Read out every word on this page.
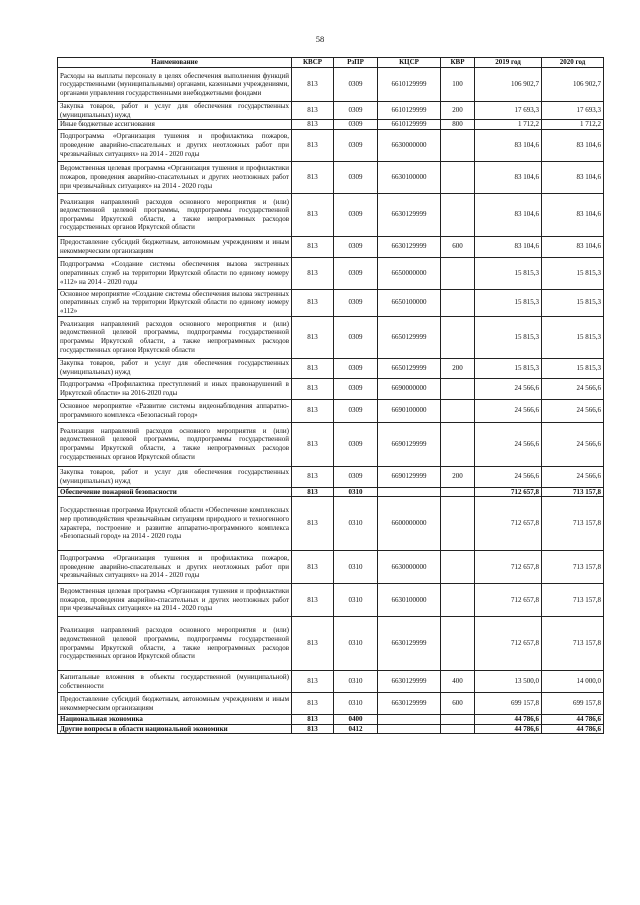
58
Наименование	КВСР	РзПР	КЦСР	КВР	2019 год	2020 год
Расходы на выплаты персоналу в целях обеспечения выполнения функций государственными (муниципальными) органами, казенными учреждениями, органами управления государственными внебюджетными фондами	813	0309	6610129999	100	106 902,7	106 902,7
Закупка товаров, работ и услуг для обеспечения государственных (муниципальных) нужд	813	0309	6610129999	200	17 693,3	17 693,3
Иные бюджетные ассигнования	813	0309	6610129999	800	1 712,2	1 712,2
Подпрограмма «Организация тушения и профилактика пожаров, проведение аварийно-спасательных и других неотложных работ при чрезвычайных ситуациях» на 2014 - 2020 годы	813	0309	6630000000		83 104,6	83 104,6
Ведомственная целевая программа «Организация тушения и профилактики пожаров, проведения аварийно-спасательных и других неотложных работ при чрезвычайных ситуациях» на 2014 - 2020 годы	813	0309	6630100000		83 104,6	83 104,6
Реализация направлений расходов основного мероприятия и (или) ведомственной целевой программы, подпрограммы государственной программы Иркутской области, а также непрограммных расходов государственных органов Иркутской области	813	0309	6630129999		83 104,6	83 104,6
Предоставление субсидий бюджетным, автономным учреждениям и иным некоммерческим организациям	813	0309	6630129999	600	83 104,6	83 104,6
Подпрограмма «Создание системы обеспечения вызова экстренных оперативных служб на территории Иркутской области по единому номеру «112» на 2014 - 2020 годы	813	0309	6650000000		15 815,3	15 815,3
Основное мероприятие «Создание системы обеспечения вызова экстренных оперативных служб на территории Иркутской области по единому номеру «112»	813	0309	6650100000		15 815,3	15 815,3
Реализация направлений расходов основного мероприятия и (или) ведомственной целевой программы, подпрограммы государственной программы Иркутской области, а также непрограммных расходов государственных органов Иркутской области	813	0309	6650129999		15 815,3	15 815,3
Закупка товаров, работ и услуг для обеспечения государственных (муниципальных) нужд	813	0309	6650129999	200	15 815,3	15 815,3
Подпрограмма «Профилактика преступлений и иных правонарушений в Иркутской области» на 2016-2020 годы	813	0309	6690000000		24 566,6	24 566,6
Основное мероприятие «Развитие системы видеонаблюдения аппаратно-программного комплекса «Безопасный город»	813	0309	6690100000		24 566,6	24 566,6
Реализация направлений расходов основного мероприятия и (или) ведомственной целевой программы, подпрограммы государственной программы Иркутской области, а также непрограммных расходов государственных органов Иркутской области	813	0309	6690129999		24 566,6	24 566,6
Закупка товаров, работ и услуг для обеспечения государственных (муниципальных) нужд	813	0309	6690129999	200	24 566,6	24 566,6
Обеспечение пожарной безопасности	813	0310			712 657,8	713 157,8
Государственная программа Иркутской области «Обеспечение комплексных мер противодействия чрезвычайным ситуациям природного и техногенного характера, построение и развитие аппаратно-программного комплекса «Безопасный город» на 2014 - 2020 годы	813	0310	6600000000		712 657,8	713 157,8
Подпрограмма «Организация тушения и профилактика пожаров, проведение аварийно-спасательных и других неотложных работ при чрезвычайных ситуациях» на 2014 - 2020 годы	813	0310	6630000000		712 657,8	713 157,8
Ведомственная целевая программа «Организация тушения и профилактики пожаров, проведения аварийно-спасательных и других неотложных работ при чрезвычайных ситуациях» на 2014 - 2020 годы	813	0310	6630100000		712 657,8	713 157,8
Реализация направлений расходов основного мероприятия и (или) ведомственной целевой программы, подпрограммы государственной программы Иркутской области, а также непрограммных расходов государственных органов Иркутской области	813	0310	6630129999		712 657,8	713 157,8
Капитальные вложения в объекты государственной (муниципальной) собственности	813	0310	6630129999	400	13 500,0	14 000,0
Предоставление субсидий бюджетным, автономным учреждениям и иным некоммерческим организациям	813	0310	6630129999	600	699 157,8	699 157,8
Национальная экономика	813	0400			44 786,6	44 786,6
Другие вопросы в области национальной экономики	813	0412			44 786,6	44 786,6
